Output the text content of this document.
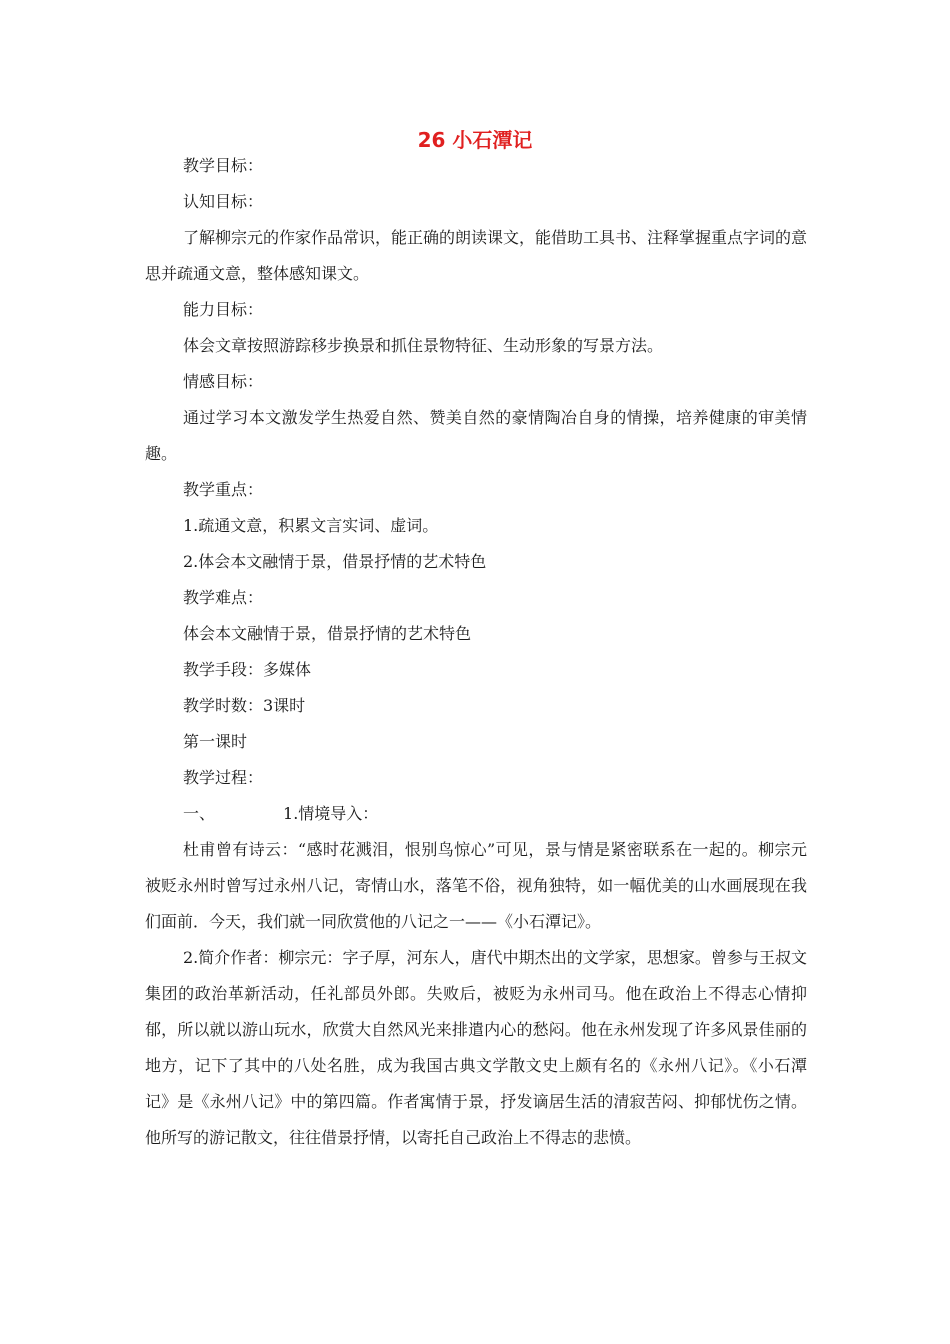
26 小石潭记

教学目标：

认知目标：

了解柳宗元的作家作品常识，能正确的朗读课文，能借助工具书、注释掌握重点字词的意思并疏通文意，整体感知课文。

能力目标：

体会文章按照游踪移步换景和抓住景物特征、生动形象的写景方法。

情感目标：

通过学习本文激发学生热爱自然、赞美自然的豪情陶冶自身的情操，培养健康的审美情趣。

教学重点：

1.疏通文意，积累文言实词、虚词。

2.体会本文融情于景，借景抒情的艺术特色

教学难点：

体会本文融情于景，借景抒情的艺术特色

教学手段：多媒体

教学时数：3课时

第一课时

教学过程：

一、	1.情境导入：

杜甫曾有诗云：“感时花溅泪，恨别鸟惊心”可见，景与情是紧密联系在一起的。柳宗元被贬永州时曾写过永州八记，寄情山水，落笔不俗，视角独特，如一幅优美的山水画展现在我们面前．今天，我们就一同欣赏他的八记之一——《小石潭记》。

2.简介作者：柳宗元：字子厚，河东人，唐代中期杰出的文学家，思想家。曾参与王叔文集团的政治革新活动，任礼部员外郎。失败后，被贬为永州司马。他在政治上不得志心情抑郁，所以就以游山玩水，欣赏大自然风光来排遣内心的愁闷。他在永州发现了许多风景佳丽的地方，记下了其中的八处名胜，成为我国古典文学散文史上颇有名的《永州八记》。《小石潭记》是《永州八记》中的第四篇。作者寓情于景，抒发谪居生活的清寂苦闷、抑郁忧伤之情。他所写的游记散文，往往借景抒情，以寄托自己政治上不得志的悲愤。
